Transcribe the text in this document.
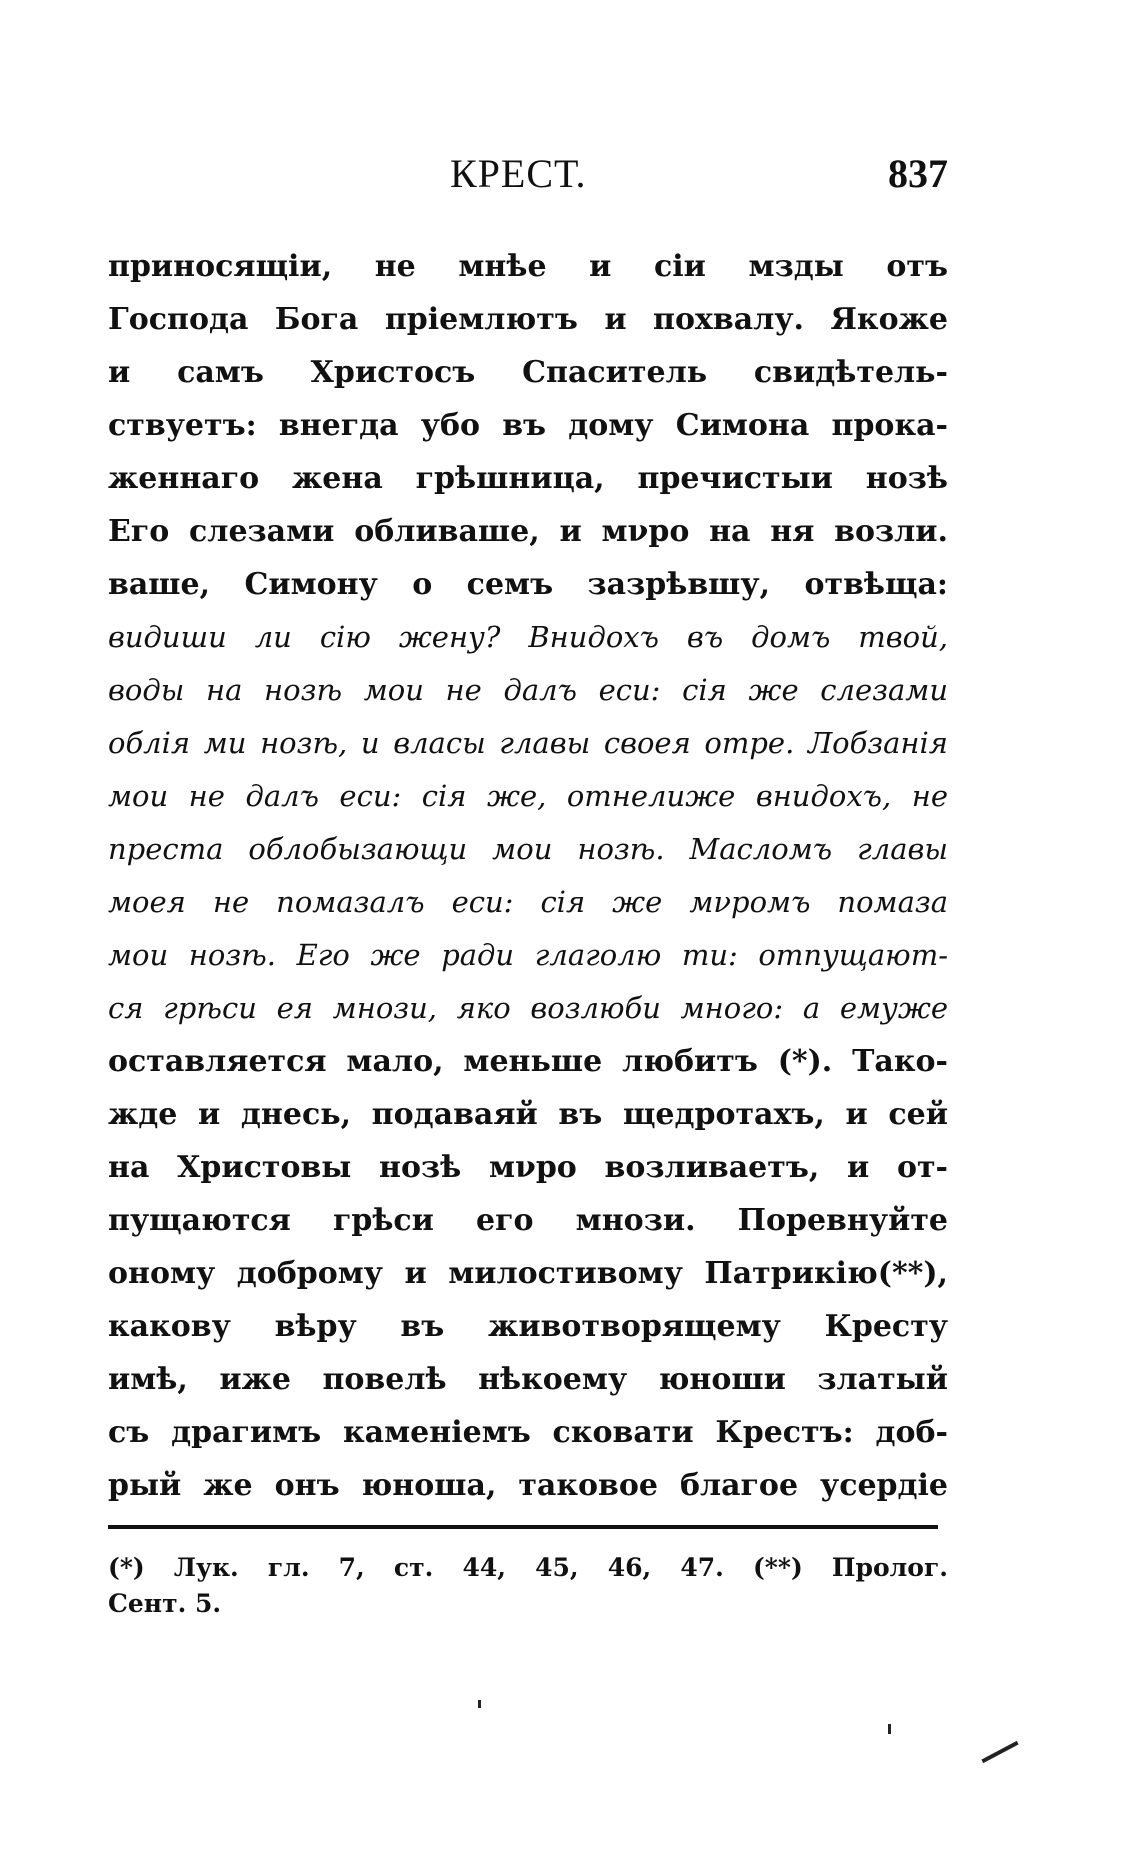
КРЕСТ.	837
приносящіи, не мнѣе и сіи мзды отъ
Господа Бога пріемлютъ и похвалу. Якоже
и самъ Христосъ Спаситель свидѣтель-
ствуетъ: внегда убо въ дому Симона прока-
женнаго жена грѣшница, пречистыи нозѣ
Его слезами обливаше, и мνро на ня возли.
ваше, Симону о семъ зазрѣвшу, отвѣща:
видиши ли сію жену? Внидохъ въ домъ твой,
воды на нозѣ мои не далъ еси: сія же слезами
облія ми нозѣ, и власы главы своея отре. Лобзанія
мои не далъ еси: сія же, отнелиже внидохъ, не
преста облобызающи мои нозѣ. Масломъ главы
моея не помазалъ еси: сія же мνромъ помаза
мои нозѣ. Его же ради глаголю ти: отпущают-
ся грѣси ея мнози, яко возлюби много: а емуже
оставляется мало, меньше любитъ (*). Тако-
жде и днесь, подаваяй въ щедротахъ, и сей
на Христовы нозѣ мνро возливаетъ, и от-
пущаются грѣси его мнози. Поревнуйте
оному доброму и милостивому Патрикію(**),
какову вѣру въ животворящему Кресту
имѣ, иже повелѣ нѣкоему юноши златый
съ драгимъ каменіемъ сковати Крестъ: доб-
рый же онъ юноша, таковое благое усердіе
(*) Лук. гл. 7, ст. 44, 45, 46, 47. (**) Пролог.
Сент. 5.
